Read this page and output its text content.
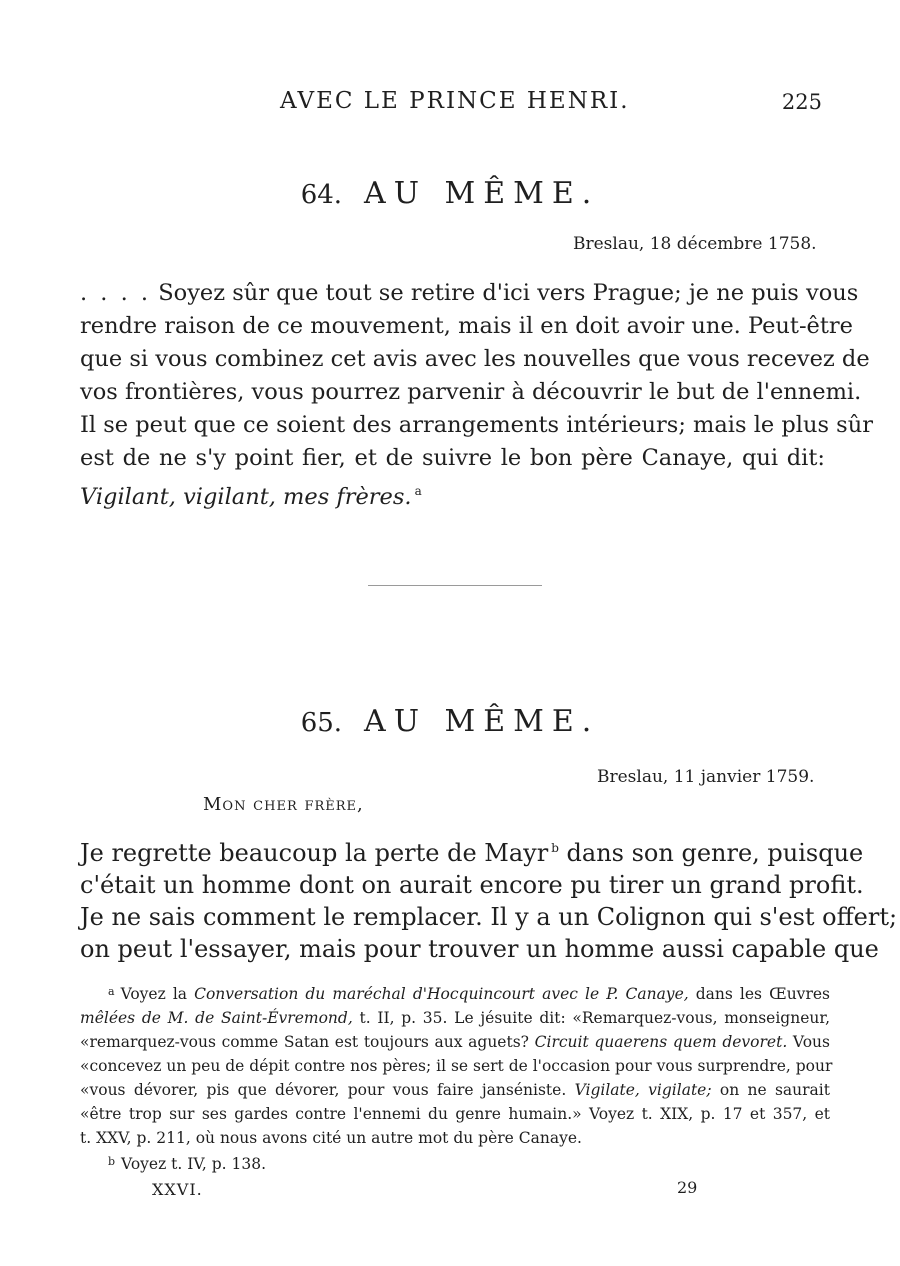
AVEC LE PRINCE HENRI.	225
64. AU MÊME.
Breslau, 18 décembre 1758.
. . . . Soyez sûr que tout se retire d'ici vers Prague; je ne puis vous
rendre raison de ce mouvement, mais il en doit avoir une. Peut-être
que si vous combinez cet avis avec les nouvelles que vous recevez de
vos frontières, vous pourrez parvenir à découvrir le but de l'ennemi.
Il se peut que ce soient des arrangements intérieurs; mais le plus sûr
est de ne s'y point fier, et de suivre le bon père Canaye, qui dit:
Vigilant, vigilant, mes frères. $^a$
65. AU MÊME.
Breslau, 11 janvier 1759.
Mon cher frère,
Je regrette beaucoup la perte de Mayr $^b$ dans son genre, puisque
c'était un homme dont on aurait encore pu tirer un grand profit.
Je ne sais comment le remplacer. Il y a un Colignon qui s'est offert;
on peut l'essayer, mais pour trouver un homme aussi capable que
$^a$ Voyez la Conversation du maréchal d'Hocquincourt avec le P. Canaye, dans les Œuvres
mêlées de M. de Saint-Évremond, t. II, p. 35. Le jésuite dit: «Remarquez-vous, monseigneur,
«remarquez-vous comme Satan est toujours aux aguets? Circuit quaerens quem devoret. Vous
«concevez un peu de dépit contre nos pères; il se sert de l'occasion pour vous surprendre, pour
«vous dévorer, pis que dévorer, pour vous faire janséniste. Vigilate, vigilate; on ne saurait
«être trop sur ses gardes contre l'ennemi du genre humain.» Voyez t. XIX, p. 17 et 357, et
t. XXV, p. 211, où nous avons cité un autre mot du père Canaye.
$^b$ Voyez t. IV, p. 138.
XXVI.	29
